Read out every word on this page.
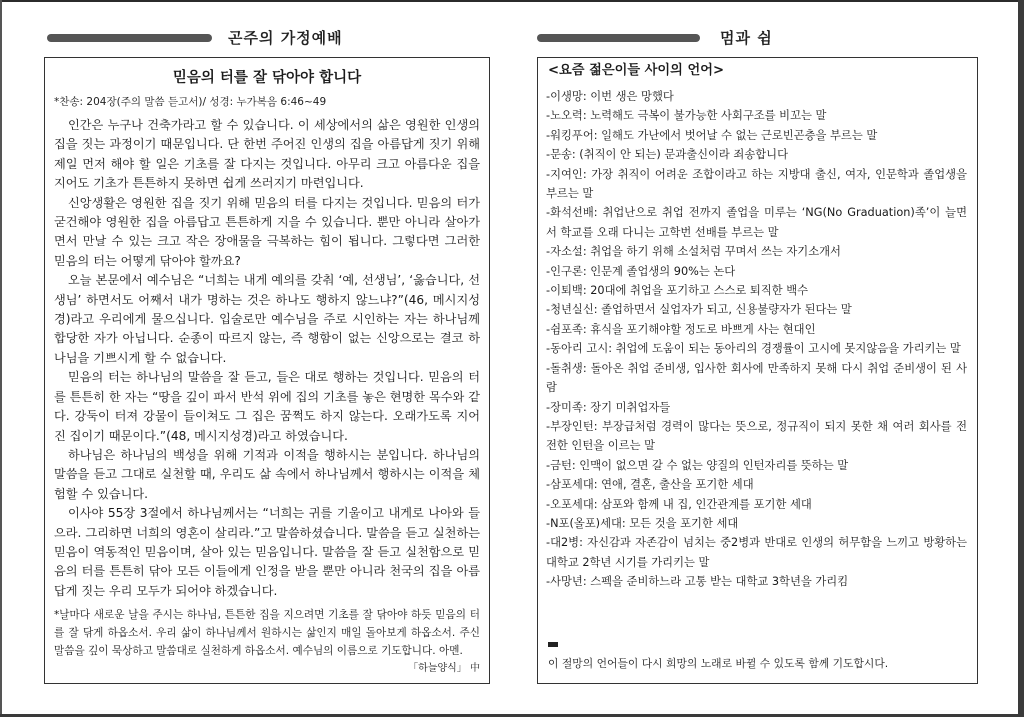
곤주의 가정예배	멈과 쉼
믿음의 터를 잘 닦아야 합니다
*찬송: 204장(주의 말씀 듣고서)/ 성경: 누가복음 6:46~49

인간은 누구나 건축가라고 할 수 있습니다. 이 세상에서의 삶은 영원한 인생의 집을 짓는 과정이기 때문입니다. 단 한번 주어진 인생의 집을 아름답게 짓기 위해 제일 먼저 해야 할 일은 기초를 잘 다지는 것입니다. 아무리 크고 아름다운 집을 지어도 기초가 튼튼하지 못하면 쉽게 쓰러지기 마련입니다.

신앙생활은 영원한 집을 짓기 위해 믿음의 터를 다지는 것입니다. 믿음의 터가 굳건해야 영원한 집을 아름답고 튼튼하게 지을 수 있습니다. 뿐만 아니라 살아가면서 만날 수 있는 크고 작은 장애물을 극복하는 힘이 됩니다. 그렇다면 그러한 믿음의 터는 어떻게 닦아야 할까요?

오늘 본문에서 예수님은 “너희는 내게 예의를 갖춰 ‘예, 선생님’, ‘옳습니다, 선생님’ 하면서도 어째서 내가 명하는 것은 하나도 행하지 않느냐?”(46, 메시지성경)라고 우리에게 물으십니다. 입술로만 예수님을 주로 시인하는 자는 하나님께 합당한 자가 아닙니다. 순종이 따르지 않는, 즉 행함이 없는 신앙으로는 결코 하나님을 기쁘시게 할 수 없습니다.

믿음의 터는 하나님의 말씀을 잘 듣고, 들은 대로 행하는 것입니다. 믿음의 터를 튼튼히 한 자는 “땅을 깊이 파서 반석 위에 집의 기초를 놓은 현명한 목수와 같다. 강둑이 터져 강물이 들이쳐도 그 집은 꿈쩍도 하지 않는다. 오래가도록 지어진 집이기 때문이다.”(48, 메시지성경)라고 하였습니다.

하나님은 하나님의 백성을 위해 기적과 이적을 행하시는 분입니다. 하나님의 말씀을 듣고 그대로 실천할 때, 우리도 삶 속에서 하나님께서 행하시는 이적을 체험할 수 있습니다.

이사야 55장 3절에서 하나님께서는 “너희는 귀를 기울이고 내게로 나아와 들으라. 그리하면 너희의 영혼이 살리라.”고 말씀하셨습니다. 말씀을 듣고 실천하는 믿음이 역동적인 믿음이며, 살아 있는 믿음입니다. 말씀을 잘 듣고 실천함으로 믿음의 터를 튼튼히 닦아 모든 이들에게 인정을 받을 뿐만 아니라 천국의 집을 아름답게 짓는 우리 모두가 되어야 하겠습니다.

*날마다 새로운 날을 주시는 하나님, 튼튼한 집을 지으려면 기초를 잘 닦아야 하듯 믿음의 터를 잘 닦게 하옵소서. 우리 삶이 하나님께서 원하시는 삶인지 매일 돌아보게 하옵소서. 주신 말씀을 깊이 묵상하고 말씀대로 실천하게 하옵소서. 예수님의 이름으로 기도합니다. 아멘.
「하늘양식」 中
<요즘 젊은이들 사이의 언어>
-이생망: 이번 생은 망했다
-노오력: 노력해도 극복이 불가능한 사회구조를 비꼬는 말
-워킹푸어: 일해도 가난에서 벗어날 수 없는 근로빈곤층을 부르는 말
-문송: (취직이 안 되는) 문과출신이라 죄송합니다
-지여인: 가장 취직이 어려운 조합이라고 하는 지방대 출신, 여자, 인문학과 졸업생을 부르는 말
-화석선배: 취업난으로 취업 전까지 졸업을 미루는 ‘NG(No Graduation)족’이 늘면서 학교를 오래 다니는 고학번 선배를 부르는 말
-자소설: 취업을 하기 위해 소설처럼 꾸며서 쓰는 자기소개서
-인구론: 인문계 졸업생의 90%는 논다
-이퇴백: 20대에 취업을 포기하고 스스로 퇴직한 백수
-청년실신: 졸업하면서 실업자가 되고, 신용불량자가 된다는 말
-쉼포족: 휴식을 포기해야할 정도로 바쁘게 사는 현대인
-동아리 고시: 취업에 도움이 되는 동아리의 경쟁률이 고시에 못지않음을 가리키는 말
-돌취생: 돌아온 취업 준비생, 입사한 회사에 만족하지 못해 다시 취업 준비생이 된 사람
-장미족: 장기 미취업자들
-부장인턴: 부장급처럼 경력이 많다는 뜻으로, 정규직이 되지 못한 채 여러 회사를 전전한 인턴을 이르는 말
-금턴: 인맥이 없으면 갈 수 없는 양질의 인턴자리를 뜻하는 말
-삼포세대: 연애, 결혼, 출산을 포기한 세대
-오포세대: 삼포와 함께 내 집, 인간관계를 포기한 세대
-N포(올포)세대: 모든 것을 포기한 세대
-대2병: 자신감과 자존감이 넘치는 중2병과 반대로 인생의 허무함을 느끼고 방황하는 대학교 2학년 시기를 가리키는 말
-사망년: 스펙을 준비하느라 고통 받는 대학교 3학년을 가리킴
이 절망의 언어들이 다시 희망의 노래로 바뀔 수 있도록 함께 기도합시다.
